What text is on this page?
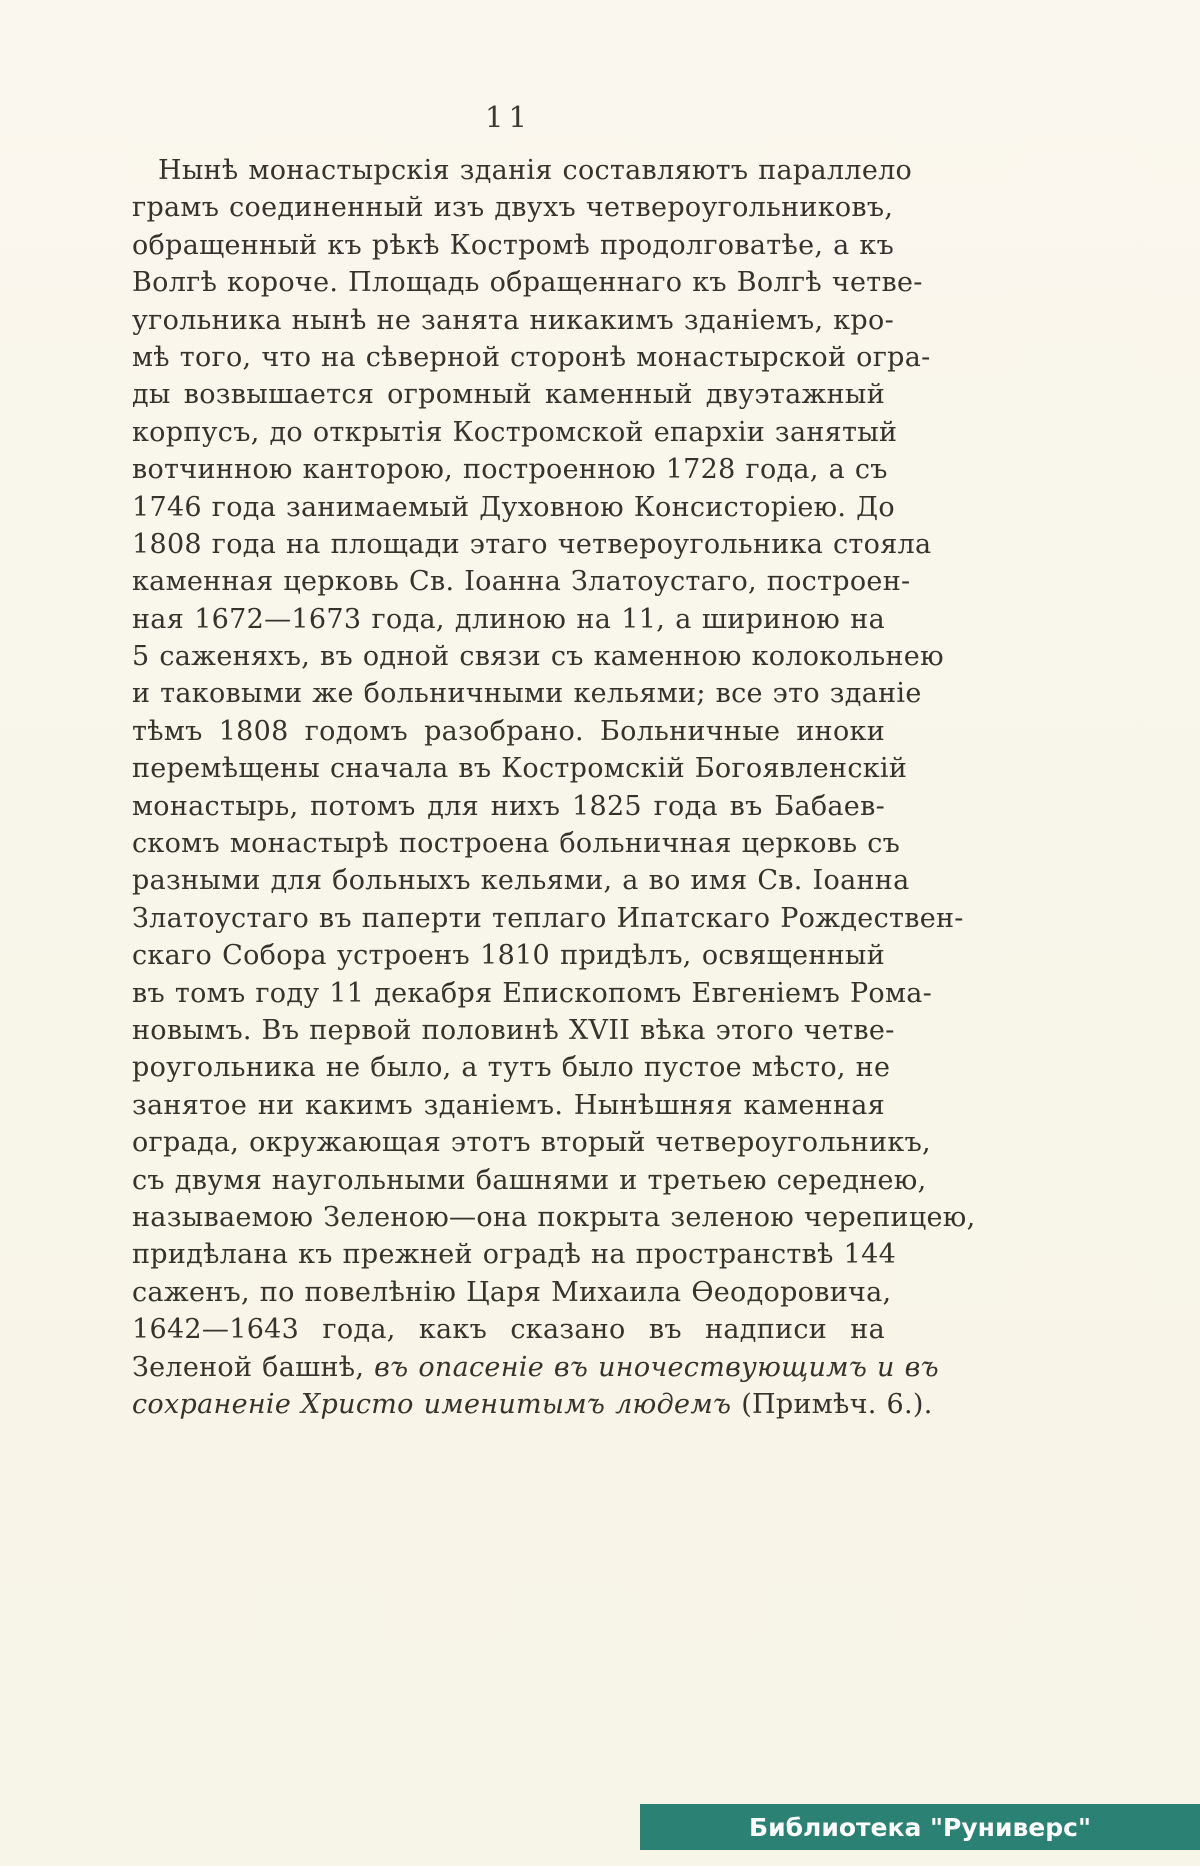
11
Нынѣ монастырскія зданія составляютъ параллело
грамъ соединенный изъ двухъ четвероугольниковъ,
обращенный къ рѣкѣ Костромѣ продолговатѣе, а къ
Волгѣ короче. Площадь обращеннаго къ Волгѣ четве-
угольника нынѣ не занята никакимъ зданіемъ, кро-
мѣ того, что на сѣверной сторонѣ монастырской огра-
ды возвышается огромный каменный двуэтажный
корпусъ, до открытія Костромской епархіи занятый
вотчинною канторою, построенною 1728 года, а съ
1746 года занимаемый Духовною Консисторіею. До
1808 года на площади этаго четвероугольника стояла
каменная церковь Св. Іоанна Златоустаго, построен-
ная 1672—1673 года, длиною на 11, а шириною на
5 саженяхъ, въ одной связи съ каменною колокольнею
и таковыми же больничными кельями; все это зданіе
тѣмъ 1808 годомъ разобрано. Больничные иноки
перемѣщены сначала въ Костромскій Богоявленскій
монастырь, потомъ для нихъ 1825 года въ Бабаев-
скомъ монастырѣ построена больничная церковь съ
разными для больныхъ кельями, а во имя Св. Іоанна
Златоустаго въ паперти теплаго Ипатскаго Рождествен-
скаго Собора устроенъ 1810 придѣлъ, освященный
въ томъ году 11 декабря Епископомъ Евгеніемъ Рома-
новымъ. Въ первой половинѣ XVII вѣка этого четве-
роугольника не было, а тутъ было пустое мѣсто, не
занятое ни какимъ зданіемъ. Нынѣшняя каменная
ограда, окружающая этотъ вторый четвероугольникъ,
съ двумя наугольными башнями и третьею середнею,
называемою Зеленою—она покрыта зеленою черепицею,
придѣлана къ прежней оградѣ на пространствѣ 144
саженъ, по повелѣнію Царя Михаила Ѳеодоровича,
1642—1643 года, какъ сказано въ надписи на
Зеленой башнѣ, въ опасеніе въ иночествующимъ и въ
сохраненіе Христо именитымъ людемъ (Примѣч. 6.).
Библиотека "Руниверс"
